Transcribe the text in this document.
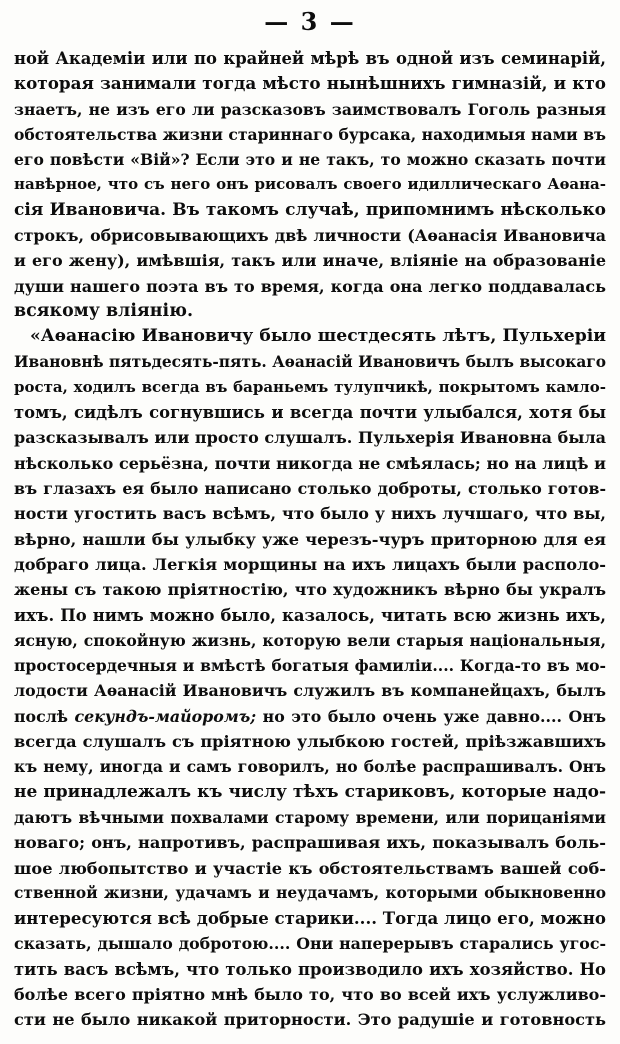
— 3 —
ной Академіи или по крайней мѣрѣ въ одной изъ семинарій,
которая занимали тогда мѣсто нынѣшнихъ гимназій, и кто
знаетъ, не изъ его ли разсказовъ заимствовалъ Гоголь разныя
обстоятельства жизни стариннаго бурсака, находимыя нами въ
его повѣсти «Вій»? Если это и не такъ, то можно сказать почти
навѣрное, что съ него онъ рисовалъ своего идиллическаго Аѳана-
сія Ивановича. Въ такомъ случаѣ, припомнимъ нѣсколько
строкъ, обрисовывающихъ двѣ личности (Аѳанасія Ивановича
и его жену), имѣвшія, такъ или иначе, вліяніе на образованіе
души нашего поэта въ то время, когда она легко поддавалась
всякому вліянію.
«Аѳанасію Ивановичу было шестдесять лѣтъ, Пульхеріи
Ивановнѣ пятьдесять-пять. Аѳанасій Ивановичъ былъ высокаго
роста, ходилъ всегда въ бараньемъ тулупчикѣ, покрытомъ камло-
томъ, сидѣлъ согнувшись и всегда почти улыбался, хотя бы
разсказывалъ или просто слушалъ. Пульхерія Ивановна была
нѣсколько серьёзна, почти никогда не смѣялась; но на лицѣ и
въ глазахъ ея было написано столько доброты, столько готов-
ности угостить васъ всѣмъ, что было у нихъ лучшаго, что вы,
вѣрно, нашли бы улыбку уже черезъ-чуръ приторною для ея
добраго лица. Легкія морщины на ихъ лицахъ были располо-
жены съ такою пріятностію, что художникъ вѣрно бы укралъ
ихъ. По нимъ можно было, казалось, читать всю жизнь ихъ,
ясную, спокойную жизнь, которую вели старыя національныя,
простосердечныя и вмѣстѣ богатыя фамиліи.... Когда-то въ мо-
лодости Аѳанасій Ивановичъ служилъ въ компанейцахъ, былъ
послѣ секундъ-майоромъ; но это было очень уже давно.... Онъ
всегда слушалъ съ пріятною улыбкою гостей, пріѣзжавшихъ
къ нему, иногда и самъ говорилъ, но болѣе распрашивалъ. Онъ
не принадлежалъ къ числу тѣхъ стариковъ, которые надо-
даютъ вѣчными похвалами старому времени, или порицаніями
новаго; онъ, напротивъ, распрашивая ихъ, показывалъ боль-
шое любопытство и участіе къ обстоятельствамъ вашей соб-
ственной жизни, удачамъ и неудачамъ, которыми обыкновенно
интересуются всѣ добрые старики.... Тогда лицо его, можно
сказать, дышало добротою.... Они наперерывъ старались угос-
тить васъ всѣмъ, что только производило ихъ хозяйство. Но
болѣе всего пріятно мнѣ было то, что во всей ихъ услужливо-
сти не было никакой приторности. Это радушіе и готовность
